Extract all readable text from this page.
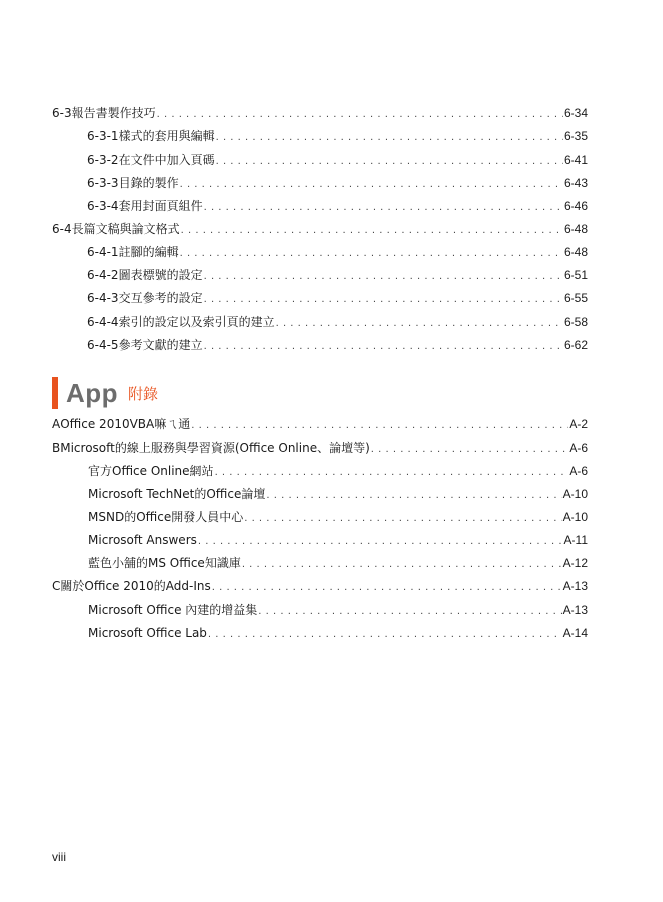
6-3 報告書製作技巧 . . .	6-34
6-3-1 樣式的套用與編輯 . . .	6-35
6-3-2 在文件中加入頁碼 . . .	6-41
6-3-3 目錄的製作 . . .	6-43
6-3-4 套用封面頁組件 . . .	6-46
6-4 長篇文稿與論文格式 . . .	6-48
6-4-1 註腳的編輯 . . .	6-48
6-4-2 圖表標號的設定 . . .	6-51
6-4-3 交互參考的設定 . . .	6-55
6-4-4 索引的設定以及索引頁的建立 . . .	6-58
6-4-5 參考文獻的建立 . . .	6-62
App 附錄
A Office 2010VBA嘛ㄟ通 . . .	A-2
B Microsoft的線上服務與學習資源(Office Online、論壇等) . . .	A-6
官方Office Online網站 . . .	A-6
Microsoft TechNet的Office論壇 . . .	A-10
MSND的Office開發人員中心 . . .	A-10
Microsoft Answers . . .	A-11
藍色小舖的MS Office知識庫 . . .	A-12
C 關於Office 2010的Add-Ins . . .	A-13
Microsoft Office 內建的增益集 . . .	A-13
Microsoft Office Lab . . .	A-14
viii
